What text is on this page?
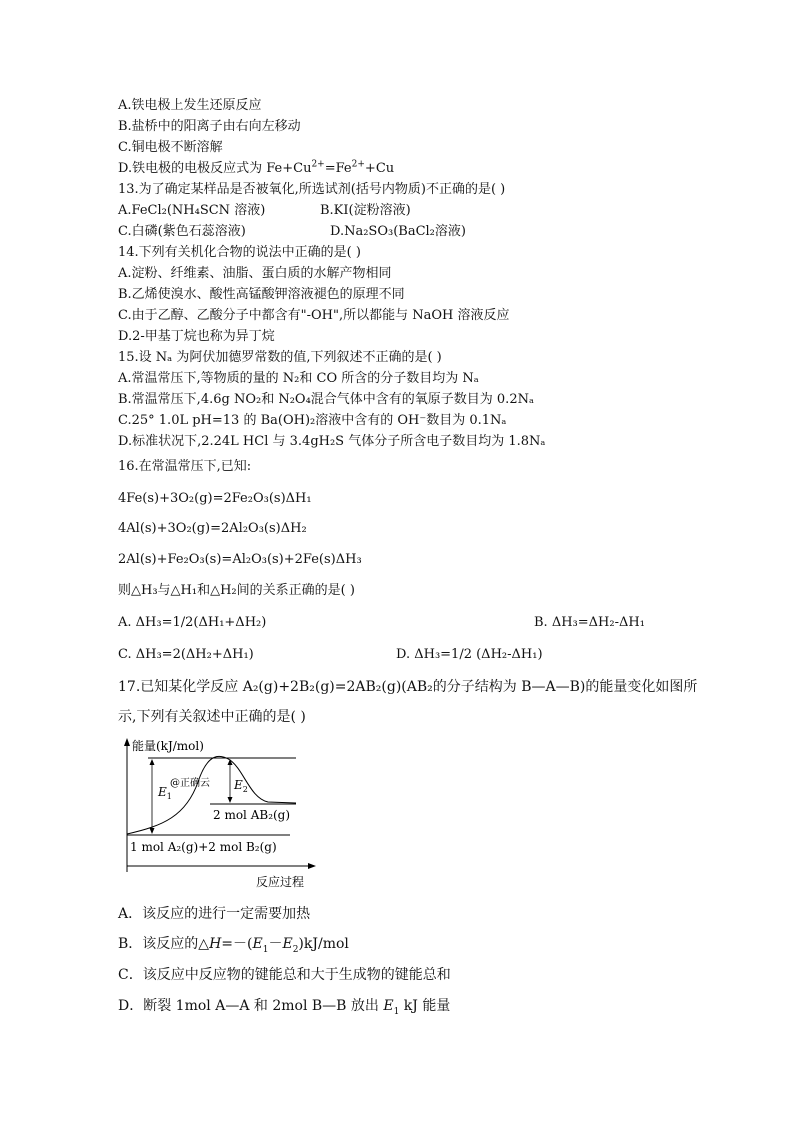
A.铁电极上发生还原反应
B.盐桥中的阳离子由右向左移动
C.铜电极不断溶解
D.铁电极的电极反应式为 $Fe+Cu^{2+}=Fe^{2+}+Cu$
13.为了确定某样品是否被氧化,所选试剂(括号内物质)不正确的是( )
A.FeCl₂(NH₄SCN 溶液)	B.KI(淀粉溶液)
C.白磷(紫色石蕊溶液)	D.Na₂SO₃(BaCl₂溶液)
14.下列有关机化合物的说法中正确的是( )
A.淀粉、纤维素、油脂、蛋白质的水解产物相同
B.乙烯使溴水、酸性高锰酸钾溶液褪色的原理不同
C.由于乙醇、乙酸分子中都含有"-OH",所以都能与 NaOH 溶液反应
D.2-甲基丁烷也称为异丁烷
15.设 Nₐ 为阿伏加德罗常数的值,下列叙述不正确的是( )
A.常温常压下,等物质的量的 N₂和 CO 所含的分子数目均为 Nₐ
B.常温常压下,4.6g NO₂和 N₂O₄混合气体中含有的氧原子数目为 0.2Nₐ
C.25° 1.0L pH=13 的 Ba(OH)₂溶液中含有的 OH⁻数目为 0.1Nₐ
D.标准状况下,2.24L HCl 与 3.4gH₂S 气体分子所含电子数目均为 1.8Nₐ
16.在常温常压下,已知:
4Fe(s)+3O₂(g)=2Fe₂O₃(s)ΔH₁
4Al(s)+3O₂(g)=2Al₂O₃(s)ΔH₂
2Al(s)+Fe₂O₃(s)=Al₂O₃(s)+2Fe(s)ΔH₃
则△H₃与△H₁和△H₂间的关系正确的是( )
A. ΔH₃=1/2(ΔH₁+ΔH₂)	B. ΔH₃=ΔH₂-ΔH₁
C. ΔH₃=2(ΔH₂+ΔH₁)	D. ΔH₃=1/2 (ΔH₂-ΔH₁)
17.已知某化学反应 A₂(g)+2B₂(g)=2AB₂(g)(AB₂的分子结构为 B—A—B)的能量变化如图所
示,下列有关叙述中正确的是( )
能量(kJ/mol)
反应过程
$E_1$
@正确云 $E_2$
2 mol AB₂(g)
1 mol A₂(g)+2 mol B₂(g)
A．该反应的进行一定需要加热
B．该反应的$\triangle H=-(E_1-E_2)kJ$/mol
C．该反应中反应物的键能总和大于生成物的键能总和
D．断裂 1mol A—A 和 2mol B—B 放出 $E_1$ kJ 能量
